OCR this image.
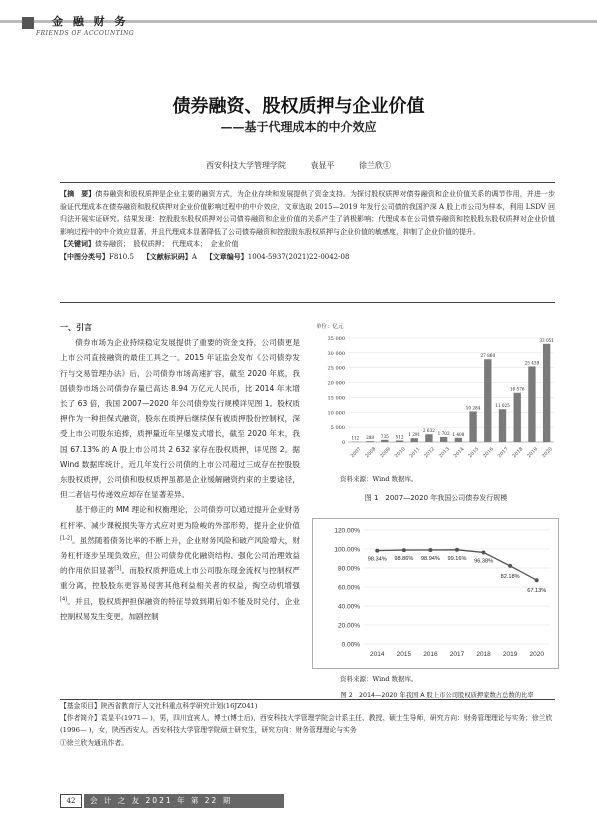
金 融 财 务
FRIENDS OF ACCOUNTING
债券融资、股权质押与企业价值
——基于代理成本的中介效应
西安科技大学管理学院	袁显平	徐兰欣①
【摘　要】债券融资和股权质押是企业主要的融资方式，为企业存续和发展提供了资金支持。为探讨股权质押对债券融资和企业价值关系的调节作用，并进一步验证代理成本在债券融资和股权质押对企业价值影响过程中的中介效应，文章选取 2015—2019 年发行公司债的我国沪深 A 股上市公司为样本，利用 LSDV 回归法开展实证研究。结果发现：控股股东股权质押对公司债券融资和企业价值的关系产生了消极影响；代理成本在公司债券融资和控股股东股权质押对企业价值影响过程中的中介效应显著，并且代理成本显著降低了公司债券融资和控股股东股权质押与企业价值的敏感度，抑制了企业价值的提升。
【关键词】债券融资；　股权质押；　代理成本；　企业价值
【中图分类号】F810.5 【文献标识码】A 【文章编号】1004-5937(2021)22-0042-08
一、引言

债券市场为企业持续稳定发展提供了重要的资金支持，公司债更是上市公司直接融资的最佳工具之一。2015 年证监会发布《公司债券发行与交易管理办法》后，公司债券市场高速扩容，截至 2020 年底，我国债券市场公司债券存量已高达 8.94 万亿元人民币，比 2014 年末增长了 63 倍，我国 2007—2020 年公司债券发行规模详见图 1。股权质押作为一种担保式融资，股东在质押后继续保有被质押股份控制权，深受上市公司股东追捧，质押量近年呈爆发式增长，截至 2020 年末，我国 67.13% 的 A 股上市公司共 2 632 家存在股权质押，详见图 2。据 Wind 数据库统计，近几年发行公司债的上市公司超过三成存在控股股东股权质押，公司债和股权质押虽都是企业缓解融资约束的主要途径，但二者信号传递效应却存在显著差异。

基于修正的 MM 理论和权衡理论，公司债券可以通过提升企业财务杠杆率、减少课税损失等方式应对更为险峻的外部形势，提升企业价值[1-2]。虽然随着债务比率的不断上升，企业财务风险和破产风险增大，财务杠杆逐步呈现负效应，但公司债券优化融资结构、强化公司治理效益的作用依旧显著[3]。而股权质押造成上市公司股东现金流权与控制权严重分离，控股股东更容易侵害其他利益相关者的权益，掏空动机增强[4]。并且，股权质押担保融资的特征导致到期后如不能及时兑付，企业控制权易发生变更，加剧控制

单位：亿元
0
5 000
10 000
15 000
20 000
25 000
30 000
35 000
112
2007
288
2008
735
2009
512
2010
1 291
2011
2 632
2012
1 702
2013
1 408
2014
10 284
2015
27 860
2016
11 025
2017
16 576
2018
25 439
2019
33 051
2020
资料来源：Wind 数据库。
图 1　2007—2020 年我国公司债券发行规模
0.00%
20.00%
40.00%
60.00%
80.00%
100.00%
120.00%
98.34%
2014
98.86%
2015
98.94%
2016
99.16%
2017
96.38%
2018
82.18%
2019
67.13%
2020
资料来源：Wind 数据库。
图 2　2014—2020 年我国 A 股上市公司股权质押家数占总数的比率
【基金项目】陕西省教育厅人文社科重点科学研究计划(16JZ041)
【作者简介】袁显平(1971— )，男，四川宜宾人，博士(博士后)，西安科技大学管理学院会计系主任、教授、硕士生导师，研究方向：财务管理理论与实务；徐兰欣(1996— )，女，陕西西安人，西安科技大学管理学院硕士研究生，研究方向：财务管理理论与实务
①徐兰欣为通讯作者。
42	会 计 之 友 2021 年 第 22 期
